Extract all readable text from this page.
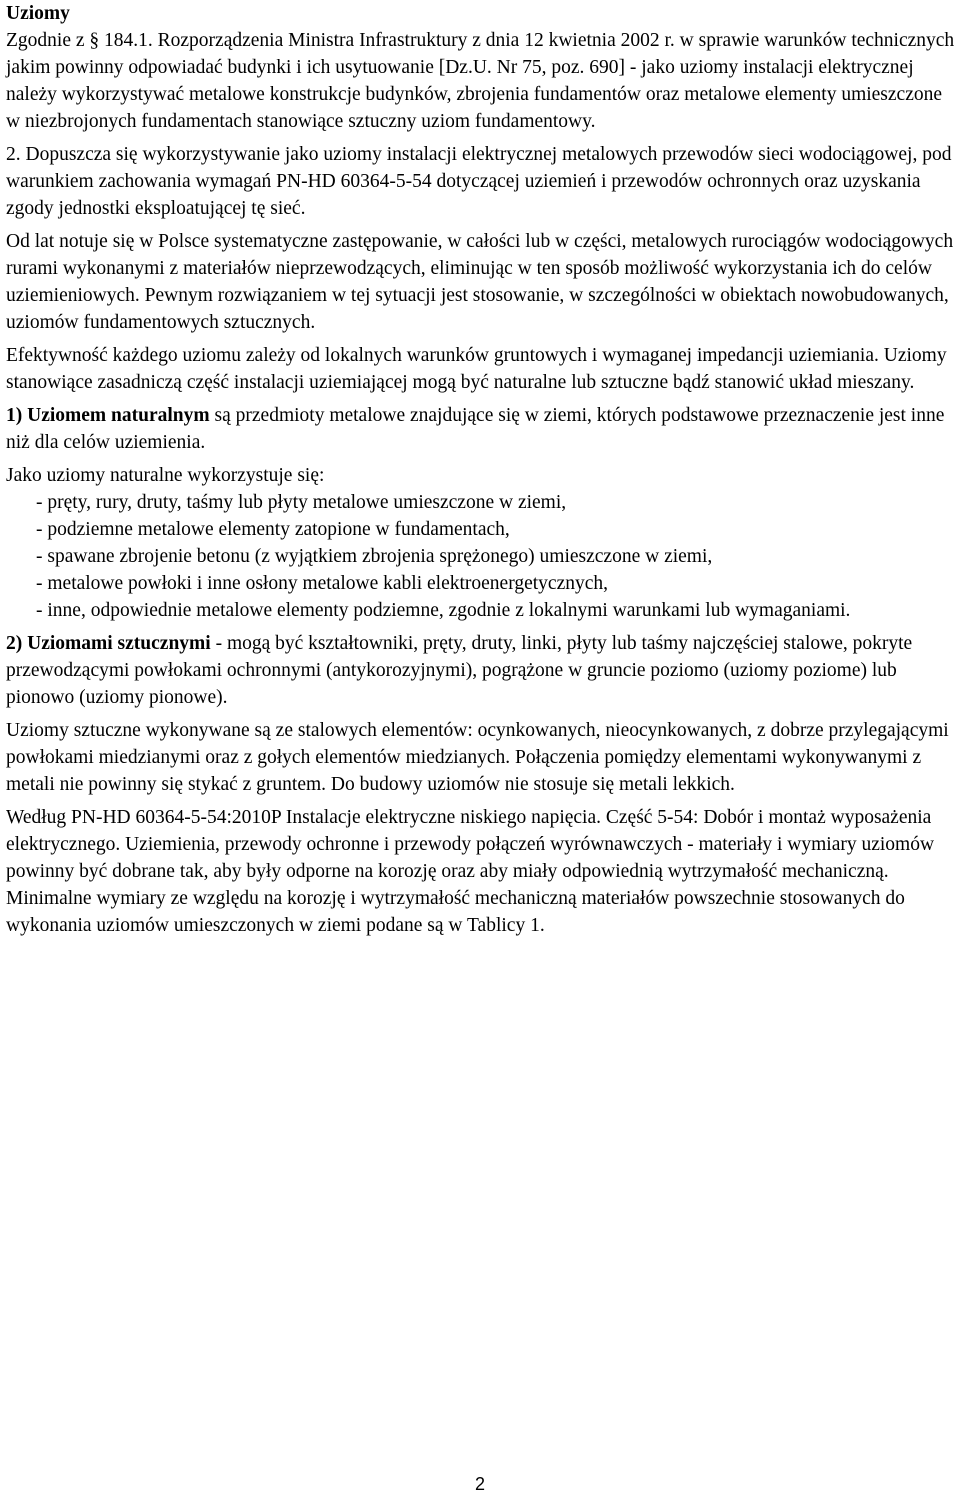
Uziomy

Zgodnie z § 184.1. Rozporządzenia Ministra Infrastruktury z dnia 12 kwietnia 2002 r. w sprawie warunków technicznych jakim powinny odpowiadać budynki i ich usytuowanie [Dz.U. Nr 75, poz. 690] - jako uziomy instalacji elektrycznej należy wykorzystywać metalowe konstrukcje budynków, zbrojenia fundamentów oraz metalowe elementy umieszczone w niezbrojonych fundamentach stanowiące sztuczny uziom fundamentowy.

2. Dopuszcza się wykorzystywanie jako uziomy instalacji elektrycznej metalowych przewodów sieci wodociągowej, pod warunkiem zachowania wymagań PN-HD 60364-5-54 dotyczącej uziemień i przewodów ochronnych oraz uzyskania zgody jednostki eksploatującej tę sieć.

Od lat notuje się w Polsce systematyczne zastępowanie, w całości lub w części, metalowych rurociągów wodociągowych rurami wykonanymi z materiałów nieprzewodzących, eliminując w ten sposób możliwość wykorzystania ich do celów uziemieniowych. Pewnym rozwiązaniem w tej sytuacji jest stosowanie, w szczególności w obiektach nowobudowanych, uziomów fundamentowych sztucznych.

Efektywność każdego uziomu zależy od lokalnych warunków gruntowych i wymaganej impedancji uziemiania. Uziomy stanowiące zasadniczą część instalacji uziemiającej mogą być naturalne lub sztuczne bądź stanowić układ mieszany.

1) Uziomem naturalnym są przedmioty metalowe znajdujące się w ziemi, których podstawowe przeznaczenie jest inne niż dla celów uziemienia.

Jako uziomy naturalne wykorzystuje się:

- pręty, rury, druty, taśmy lub płyty metalowe umieszczone w ziemi,
- podziemne metalowe elementy zatopione w fundamentach,
- spawane zbrojenie betonu (z wyjątkiem zbrojenia sprężonego) umieszczone w ziemi,
- metalowe powłoki i inne osłony metalowe kabli elektroenergetycznych,
- inne, odpowiednie metalowe elementy podziemne, zgodnie z lokalnymi warunkami lub wymaganiami.

2) Uziomami sztucznymi - mogą być kształtowniki, pręty, druty, linki, płyty lub taśmy najczęściej stalowe, pokryte przewodzącymi powłokami ochronnymi (antykorozyjnymi), pogrążone w gruncie poziomo (uziomy poziome) lub pionowo (uziomy pionowe).

Uziomy sztuczne wykonywane są ze stalowych elementów: ocynkowanych, nieocynkowanych, z dobrze przylegającymi powłokami miedzianymi oraz z gołych elementów miedzianych. Połączenia pomiędzy elementami wykonywanymi z metali nie powinny się stykać z gruntem. Do budowy uziomów nie stosuje się metali lekkich.

Według PN-HD 60364-5-54:2010P Instalacje elektryczne niskiego napięcia. Część 5-54: Dobór i montaż wyposażenia elektrycznego. Uziemienia, przewody ochronne i przewody połączeń wyrównawczych - materiały i wymiary uziomów powinny być dobrane tak, aby były odporne na korozję oraz aby miały odpowiednią wytrzymałość mechaniczną. Minimalne wymiary ze względu na korozję i wytrzymałość mechaniczną materiałów powszechnie stosowanych do wykonania uziomów umieszczonych w ziemi podane są w Tablicy 1.

2
